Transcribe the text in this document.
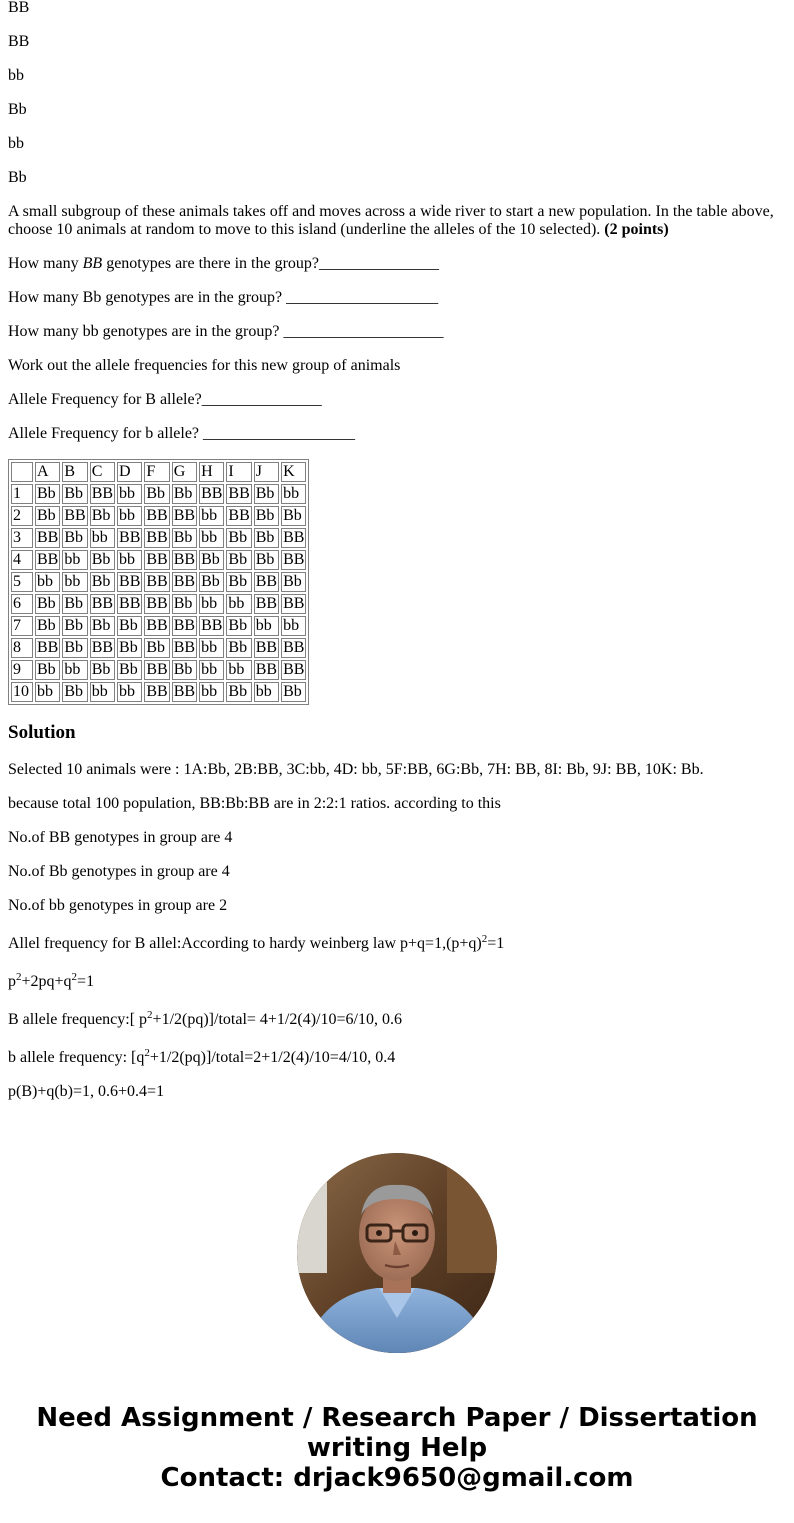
BB
BB
bb
Bb
bb
Bb

A small subgroup of these animals takes off and moves across a wide river to start a new population. In the table above, choose 10 animals at random to move to this island (underline the alleles of the 10 selected). (2 points)

How many BB genotypes are there in the group?_______________
How many Bb genotypes are in the group? ___________________
How many bb genotypes are in the group? ____________________
Work out the allele frequencies for this new group of animals
Allele Frequency for B allele?_______________
Allele Frequency for b allele? ___________________
	A	B	C	D	F	G	H	I	J	K
1	Bb	Bb	BB	bb	Bb	Bb	BB	BB	Bb	bb
2	Bb	BB	Bb	bb	BB	BB	bb	BB	Bb	Bb
3	BB	Bb	bb	BB	BB	Bb	bb	Bb	Bb	BB
4	BB	bb	Bb	bb	BB	BB	Bb	Bb	Bb	BB
5	bb	bb	Bb	BB	BB	BB	Bb	Bb	BB	Bb
6	Bb	Bb	BB	BB	BB	Bb	bb	bb	BB	BB
7	Bb	Bb	Bb	Bb	BB	BB	BB	Bb	bb	bb
8	BB	Bb	BB	Bb	Bb	BB	bb	Bb	BB	BB
9	Bb	bb	Bb	Bb	BB	Bb	bb	bb	BB	BB
10	bb	Bb	bb	bb	BB	BB	bb	Bb	bb	Bb
Solution
Selected 10 animals were : 1A:Bb, 2B:BB, 3C:bb, 4D: bb, 5F:BB, 6G:Bb, 7H: BB, 8I: Bb, 9J: BB, 10K: Bb.
because total 100 population, BB:Bb:BB are in 2:2:1 ratios. according to this
No.of BB genotypes in group are 4
No.of Bb genotypes in group are 4
No.of bb genotypes in group are 2
Allel frequency for B allel:According to hardy weinberg law $p+q=1,(p+q)^2=1$
$p^2+2pq+q^2=1$
B allele frequency:[ $p^2+1/2(pq)]/total= 4+1/2(4)/10=6/10$, 0.6
b allele frequency: $[q^2+1/2(pq)]/total=2+1/2(4)/10=4/10$, 0.4
p(B)+q(b)=1, 0.6+0.4=1
Need Assignment / Research Paper / Dissertation
writing Help
Contact: drjack9650@gmail.com
